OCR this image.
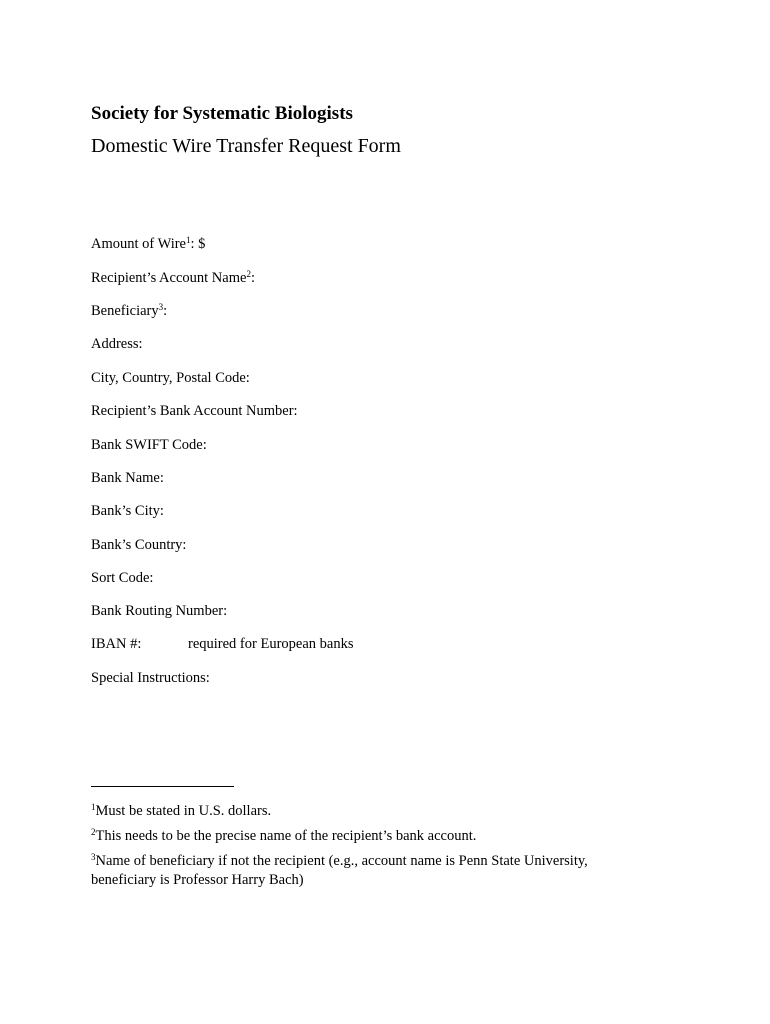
Society for Systematic Biologists
Domestic Wire Transfer Request Form
Amount of Wire$^1$: $
Recipient’s Account Name$^2$:
Beneficiary$^3$:
Address:
City, Country, Postal Code:
Recipient’s Bank Account Number:
Bank SWIFT Code:
Bank Name:
Bank’s City:
Bank’s Country:
Sort Code:
Bank Routing Number:
IBAN #:	required for European banks
Special Instructions:
$^1$Must be stated in U.S. dollars.
$^2$This needs to be the precise name of the recipient’s bank account.
$^3$Name of beneficiary if not the recipient (e.g., account name is Penn State University, beneficiary is Professor Harry Bach)
